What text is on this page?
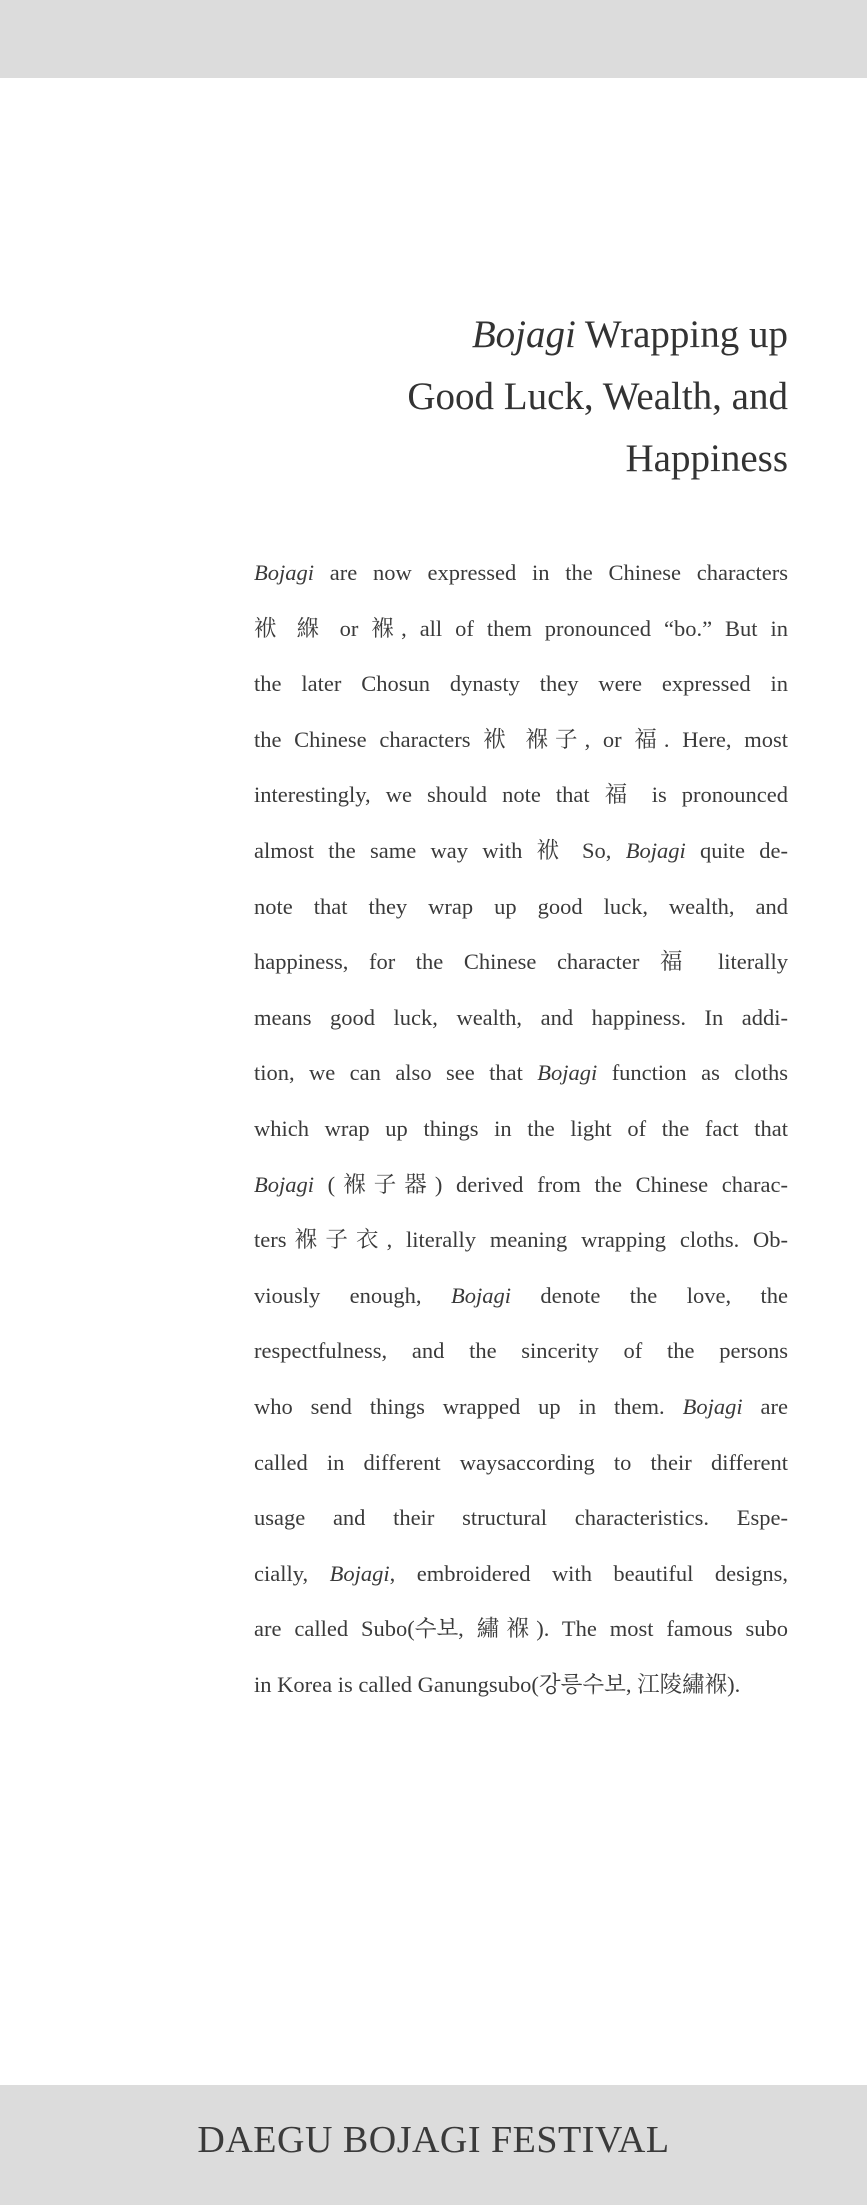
Bojagi Wrapping up
Good Luck, Wealth, and
Happiness
Bojagi are now expressed in the Chinese characters
袱 緥 or 褓, all of them pronounced “bo.” But in
the later Chosun dynasty they were expressed in
the Chinese characters 袱 褓子, or 福. Here, most
interestingly, we should note that 福 is pronounced
almost the same way with 袱 So, Bojagi quite de-
note that they wrap up good luck, wealth, and
happiness, for the Chinese character 福 literally
means good luck, wealth, and happiness. In addi-
tion, we can also see that Bojagi function as cloths
which wrap up things in the light of the fact that
Bojagi (褓子器) derived from the Chinese charac-
ters褓子衣, literally meaning wrapping cloths. Ob-
viously enough, Bojagi denote the love, the
respectfulness, and the sincerity of the persons
who send things wrapped up in them. Bojagi are
called in different waysaccording to their different
usage and their structural characteristics. Espe-
cially, Bojagi, embroidered with beautiful designs,
are called Subo(수보, 繡褓). The most famous subo
in Korea is called Ganungsubo(강릉수보, 江陵繡褓).
DAEGU BOJAGI FESTIVAL
